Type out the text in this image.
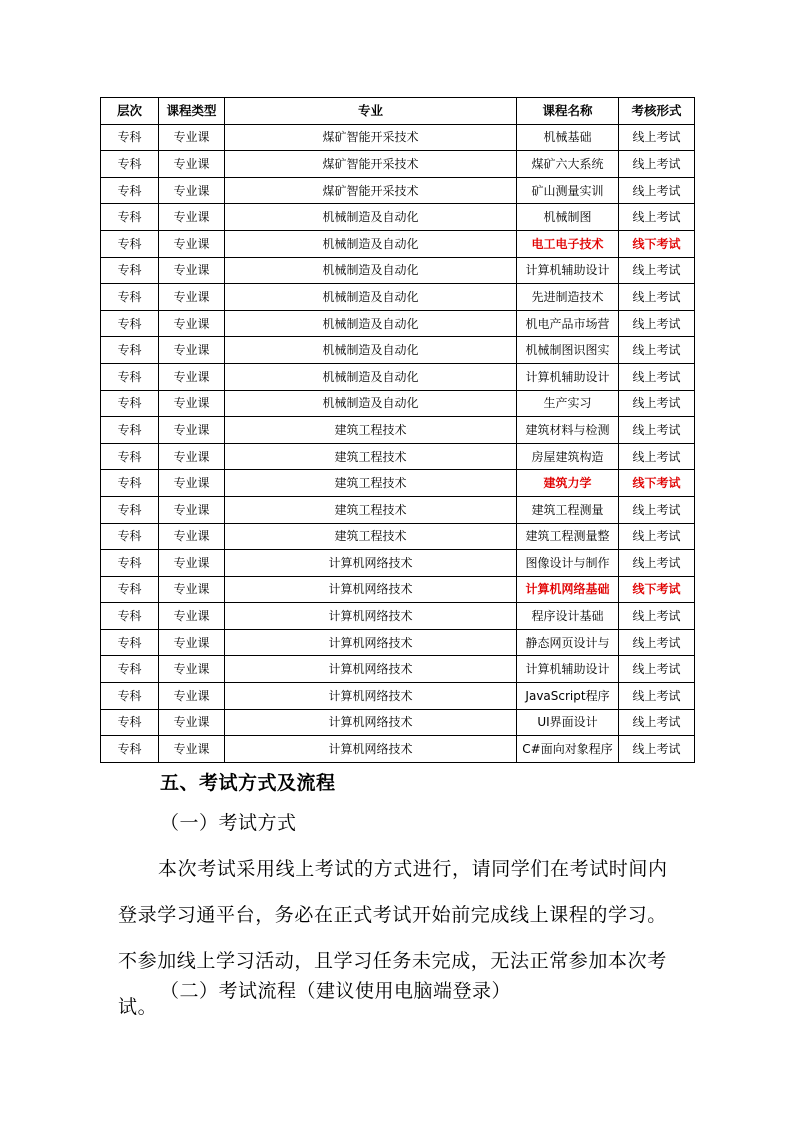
层次	课程类型	专业	课程名称	考核形式
专科	专业课	煤矿智能开采技术	机械基础	线上考试
专科	专业课	煤矿智能开采技术	煤矿六大系统	线上考试
专科	专业课	煤矿智能开采技术	矿山测量实训	线上考试
专科	专业课	机械制造及自动化	机械制图	线上考试
专科	专业课	机械制造及自动化	电工电子技术	线下考试
专科	专业课	机械制造及自动化	计算机辅助设计	线上考试
专科	专业课	机械制造及自动化	先进制造技术	线上考试
专科	专业课	机械制造及自动化	机电产品市场营	线上考试
专科	专业课	机械制造及自动化	机械制图识图实	线上考试
专科	专业课	机械制造及自动化	计算机辅助设计	线上考试
专科	专业课	机械制造及自动化	生产实习	线上考试
专科	专业课	建筑工程技术	建筑材料与检测	线上考试
专科	专业课	建筑工程技术	房屋建筑构造	线上考试
专科	专业课	建筑工程技术	建筑力学	线下考试
专科	专业课	建筑工程技术	建筑工程测量	线上考试
专科	专业课	建筑工程技术	建筑工程测量整	线上考试
专科	专业课	计算机网络技术	图像设计与制作	线上考试
专科	专业课	计算机网络技术	计算机网络基础	线下考试
专科	专业课	计算机网络技术	程序设计基础	线上考试
专科	专业课	计算机网络技术	静态网页设计与	线上考试
专科	专业课	计算机网络技术	计算机辅助设计	线上考试
专科	专业课	计算机网络技术	JavaScript程序	线上考试
专科	专业课	计算机网络技术	UI界面设计	线上考试
专科	专业课	计算机网络技术	C#面向对象程序	线上考试
五、考试方式及流程
（一）考试方式
本次考试采用线上考试的方式进行，请同学们在考试时间内登录学习通平台，务必在正式考试开始前完成线上课程的学习。不参加线上学习活动，且学习任务未完成，无法正常参加本次考试。
（二）考试流程（建议使用电脑端登录）
